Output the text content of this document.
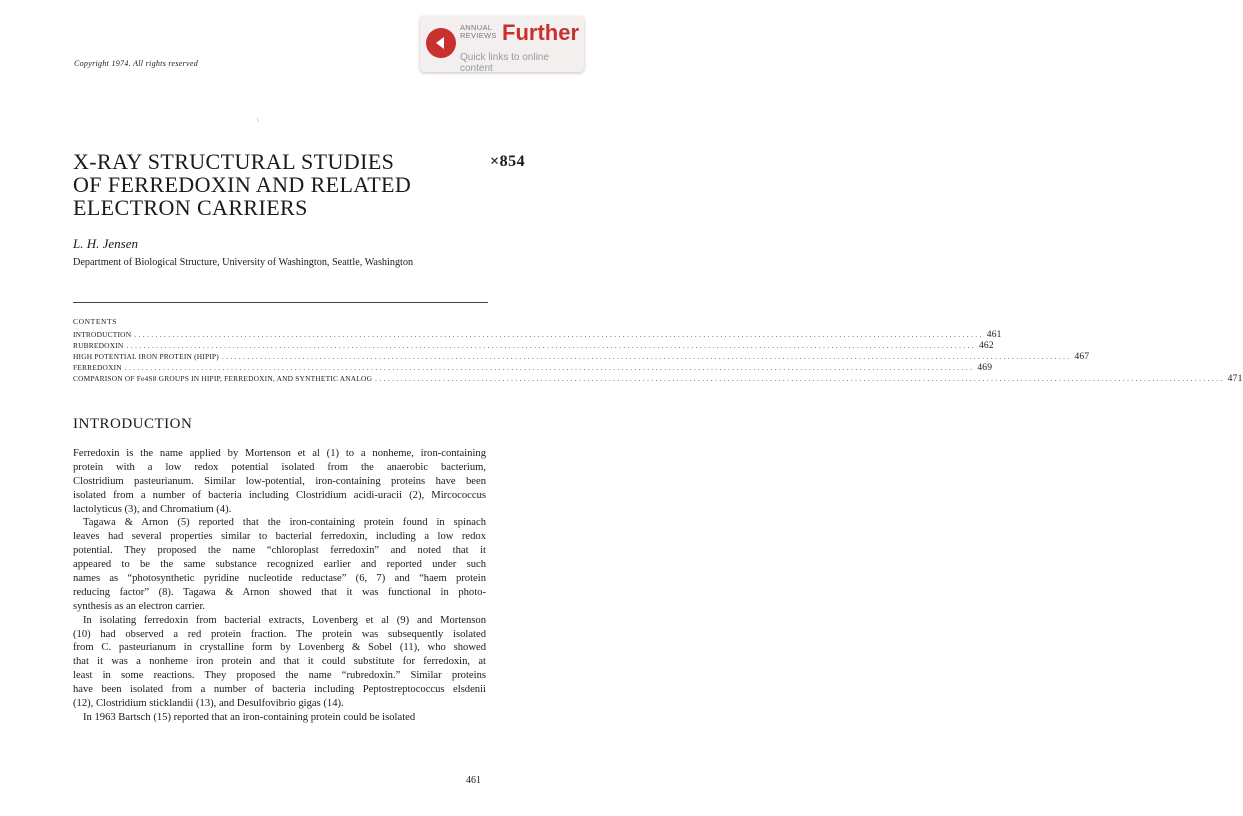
ANNUAL
REVIEWS Further
Quick links to online content
Copyright 1974. All rights reserved
\
X-RAY STRUCTURAL STUDIES
OF FERREDOXIN AND RELATED
ELECTRON CARRIERS
×854
L. H. Jensen
Department of Biological Structure, University of Washington, Seattle, Washington
CONTENTS
INTRODUCTION ........................................................................................................................................................................................................ 461
RUBREDOXIN ........................................................................................................................................................................................................ 462
HIGH POTENTIAL IRON PROTEIN (HIPIP) ........................................................................................................................................................................................................ 467
FERREDOXIN ........................................................................................................................................................................................................ 469
COMPARISON OF Fe4S8 GROUPS IN HIPIP, FERREDOXIN, AND SYNTHETIC ANALOG ........................................................................................................................................................................................................ 471
INTRODUCTION
Ferredoxin is the name applied by Mortenson et al (1) to a nonheme, iron-containing
protein with a low redox potential isolated from the anaerobic bacterium,
Clostridium pasteurianum. Similar low-potential, iron-containing proteins have been
isolated from a number of bacteria including Clostridium acidi-uracii (2), Mircococcus
lactolyticus (3), and Chromatium (4).
Tagawa & Arnon (5) reported that the iron-containing protein found in spinach
leaves had several properties similar to bacterial ferredoxin, including a low redox
potential. They proposed the name “chloroplast ferredoxin” and noted that it
appeared to be the same substance recognized earlier and reported under such
names as “photosynthetic pyridine nucleotide reductase” (6, 7) and “haem protein
reducing factor” (8). Tagawa & Arnon showed that it was functional in photo-
synthesis as an electron carrier.
In isolating ferredoxin from bacterial extracts, Lovenberg et al (9) and Mortenson
(10) had observed a red protein fraction. The protein was subsequently isolated
from C. pasteurianum in crystalline form by Lovenberg & Sobel (11), who showed
that it was a nonheme iron protein and that it could substitute for ferredoxin, at
least in some reactions. They proposed the name “rubredoxin.” Similar proteins
have been isolated from a number of bacteria including Peptostreptococcus elsdenii
(12), Clostridium sticklandii (13), and Desulfovibrio gigas (14).
In 1963 Bartsch (15) reported that an iron-containing protein could be isolated
461
